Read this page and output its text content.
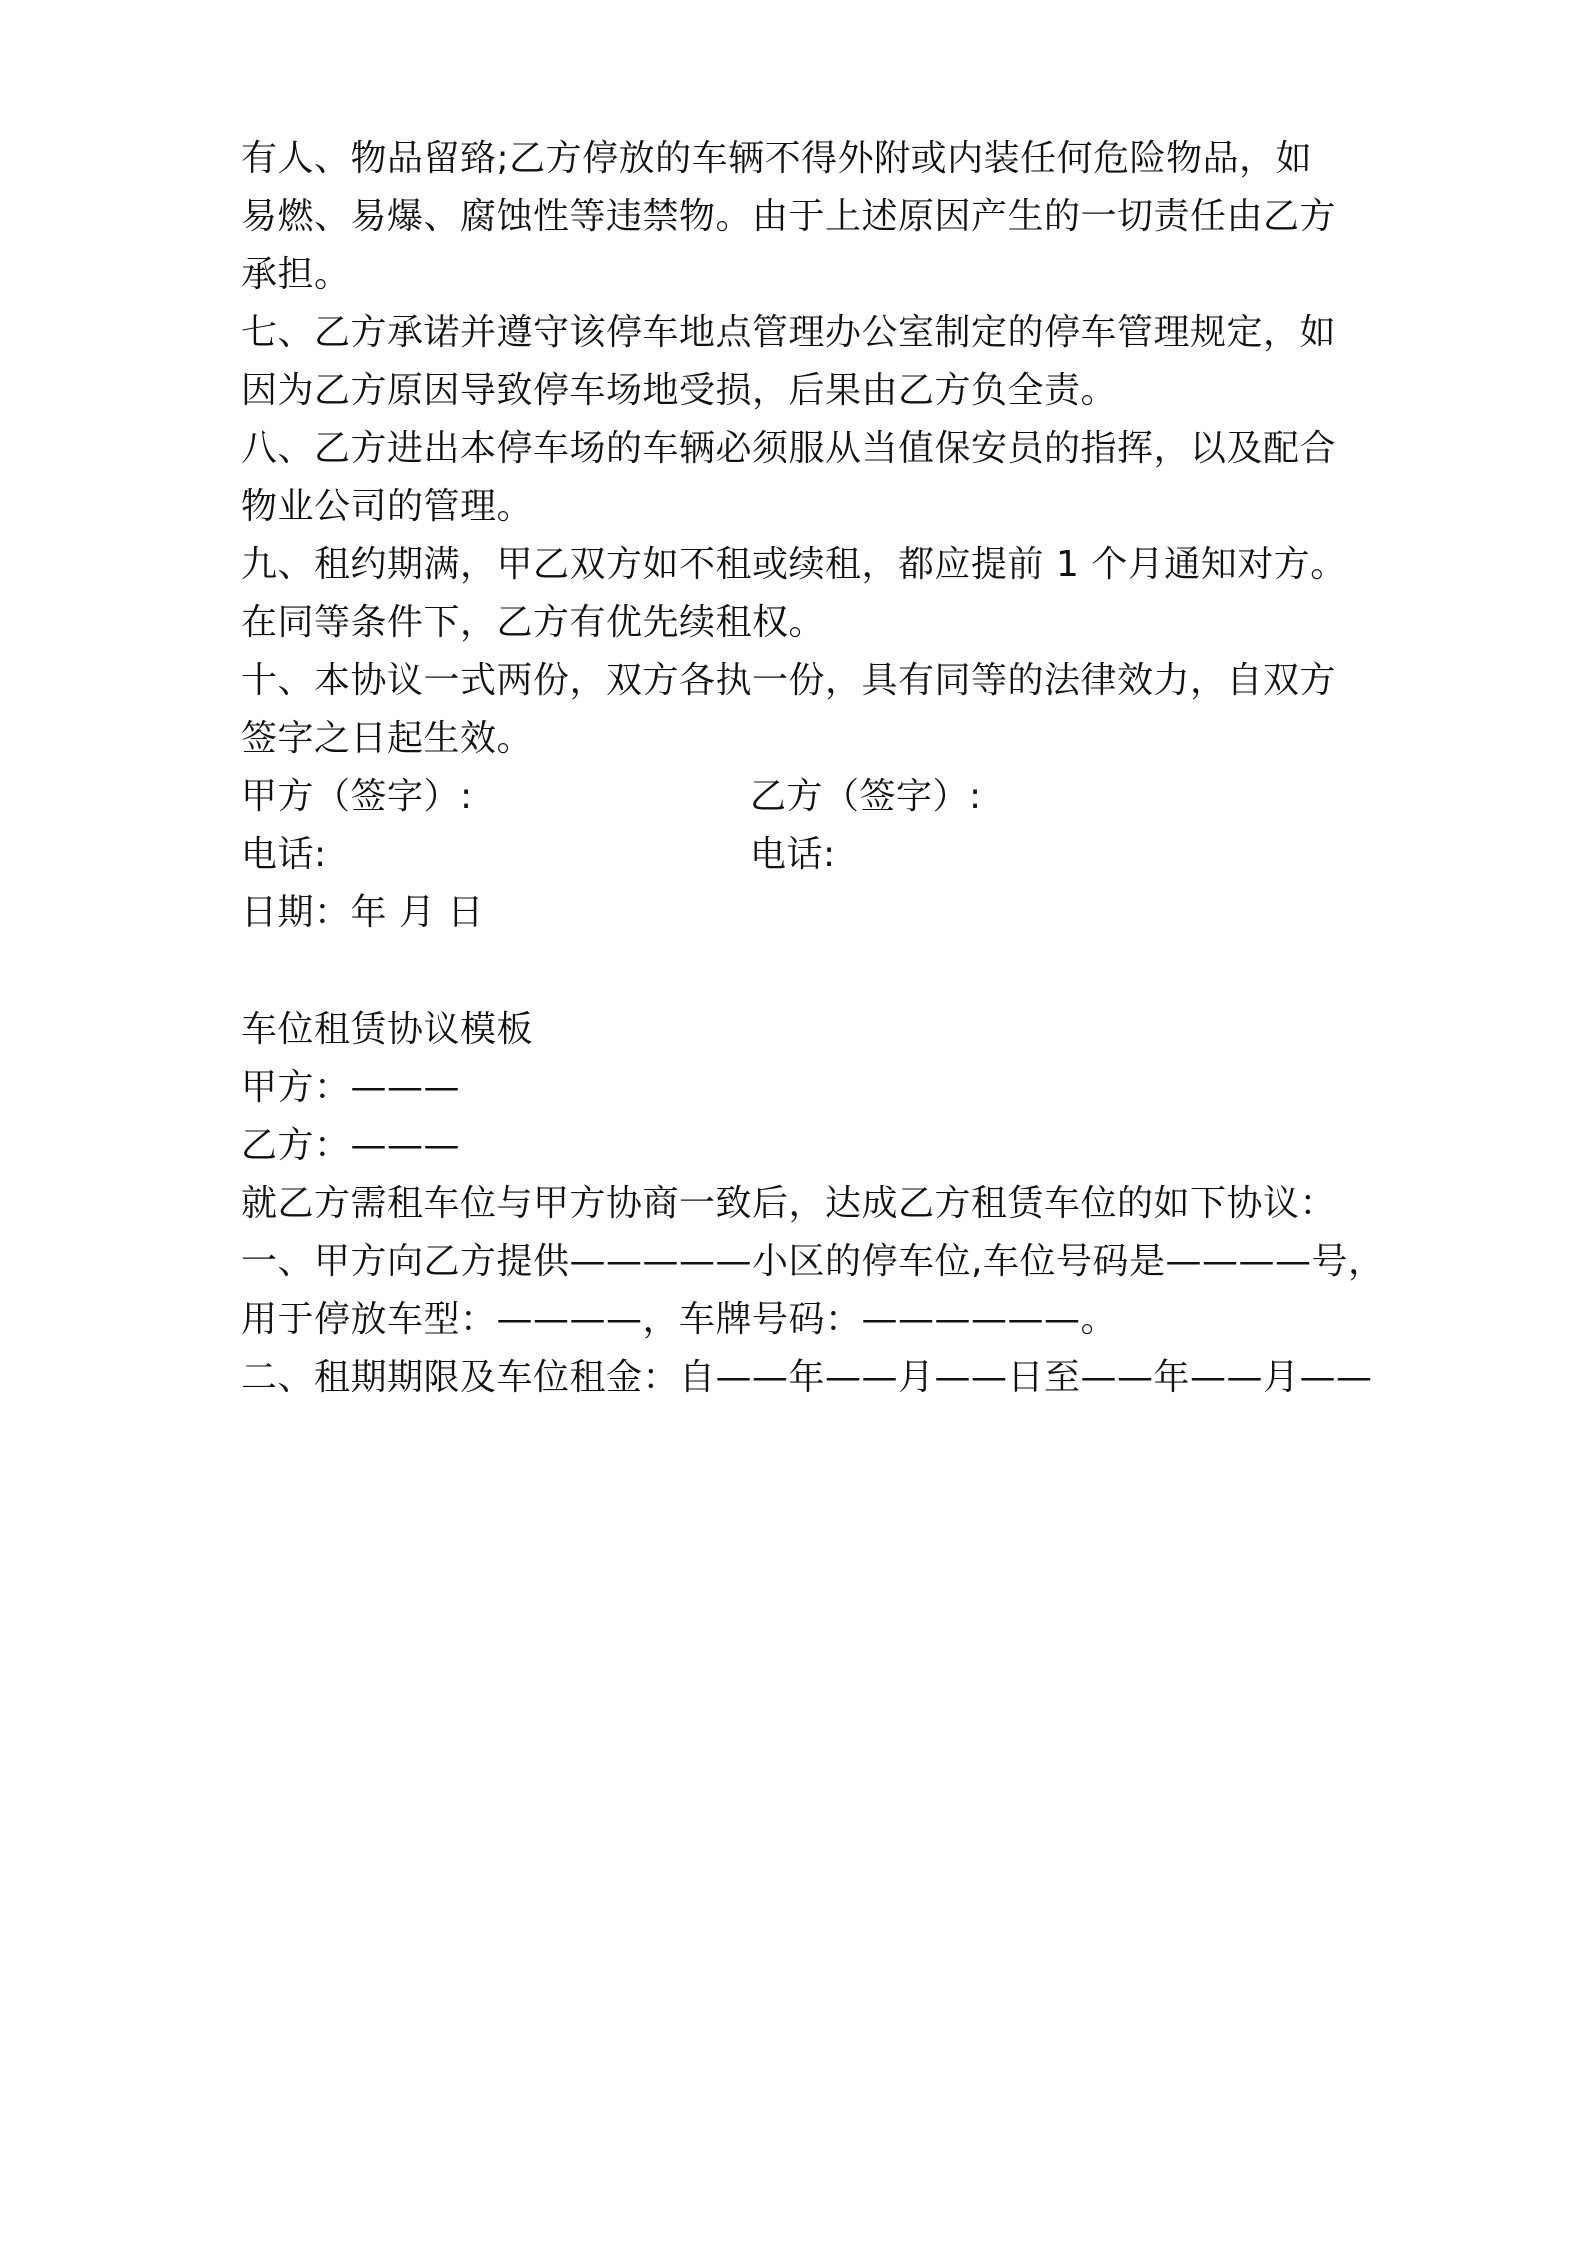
有人、物品留臵;乙方停放的车辆不得外附或内装任何危险物品，如
易燃、易爆、腐蚀性等违禁物。由于上述原因产生的一切责任由乙方
承担。
七、乙方承诺并遵守该停车地点管理办公室制定的停车管理规定，如
因为乙方原因导致停车场地受损，后果由乙方负全责。
八、乙方进出本停车场的车辆必须服从当值保安员的指挥，以及配合
物业公司的管理。
九、租约期满，甲乙双方如不租或续租，都应提前 1 个月通知对方。
在同等条件下，乙方有优先续租权。
十、本协议一式两份，双方各执一份，具有同等的法律效力，自双方
签字之日起生效。
甲方（签字）:	乙方（签字）:
电话:	电话:
日期：年 月 日
车位租赁协议模板
甲方：———
乙方：———
就乙方需租车位与甲方协商一致后，达成乙方租赁车位的如下协议：
一、甲方向乙方提供—————小区的停车位,车位号码是————号，
用于停放车型：————，车牌号码：——————。
二、租期期限及车位租金：自——年——月——日至——年——月——
